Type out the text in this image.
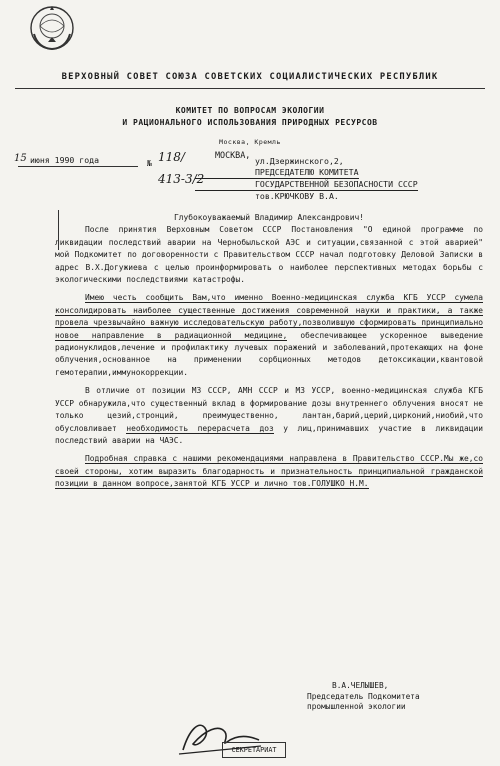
ВЕРХОВНЫЙ СОВЕТ СОЮЗА СОВЕТСКИХ СОЦИАЛИСТИЧЕСКИХ РЕСПУБЛИК
КОМИТЕТ ПО ВОПРОСАМ ЭКОЛОГИИ
И РАЦИОНАЛЬНОГО ИСПОЛЬЗОВАНИЯ ПРИРОДНЫХ РЕСУРСОВ
Москва, Кремль
15 июня 1990 года	№ 118/
413-3/2
МОСКВА,
ул.Дзержинского,2,
ПРЕДСЕДАТЕЛЮ КОМИТЕТА
ГОСУДАРСТВЕННОЙ БЕЗОПАСНОСТИ СССР

тов.КРЮЧКОВУ В.А.

Глубокоуважаемый Владимир Александрович!

После принятия Верховным Советом СССР Постановления "О единой программе по ликвидации последствий аварии на Чернобыльской АЭС и ситуации,связанной с этой аварией" мой Подкомитет по договоренности с Правительством СССР начал подготовку Деловой Записки в адрес В.Х.Догужиева с целью проинформировать о наиболее перспективных методах борьбы с экологическими последствиями катастрофы.

Имею честь сообщить Вам,что именно Военно-медицинская служба КГБ УССР сумела консолидировать наиболее существенные достижения современной науки и практики, а также провела чрезвычайно важную исследовательскую работу,позволившую сформировать принципиально новое направление в радиационной медицине, обеспечивающее ускоренное выведение радионуклидов,лечение и профилактику лучевых поражений и заболеваний,протекающих на фоне облучения,основанное на применении сорбционных методов детоксикации,квантовой гемотерапии,иммунокоррекции.

В отличие от позиции МЗ СССР, АМН СССР и МЗ УССР, военно-медицинская служба КГБ УССР обнаружила,что существенный вклад в формирование дозы внутреннего облучения вносят не только цезий,стронций, преимущественно, лантан,барий,церий,цирконий,ниобий,что обусловливает необходимость перерасчета доз у лиц,принимавших участие в ликвидации последствий аварии на ЧАЭС.

Подробная справка с нашими рекомендациями направлена в Правительство СССР.Мы же,со своей стороны, хотим выразить благодарность и признательность принципиальной гражданской позиции в данном вопросе,занятой КГБ УССР и лично тов.ГОЛУШКО Н.М.

В.А.ЧЕЛЫШЕВ,
Председатель Подкомитета
промышленной экологии
СЕКРЕТАРИАТ
